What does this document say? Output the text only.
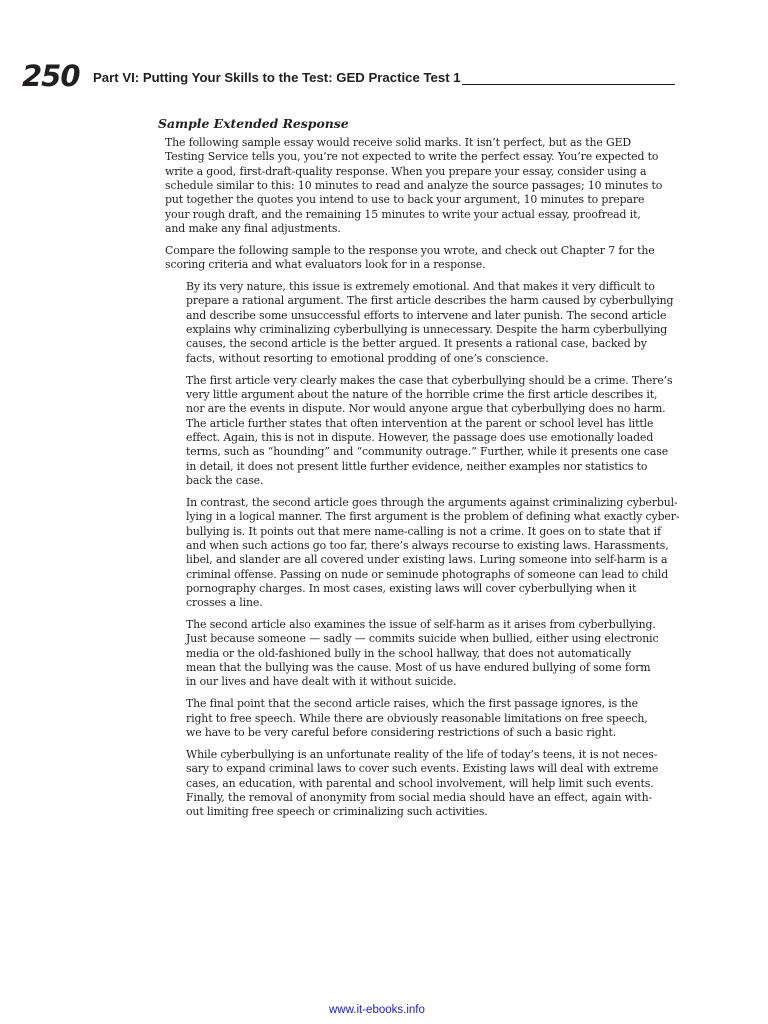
250 Part VI: Putting Your Skills to the Test: GED Practice Test 1
Sample Extended Response
The following sample essay would receive solid marks. It isn’t perfect, but as the GED
Testing Service tells you, you’re not expected to write the perfect essay. You’re expected to
write a good, first-draft-quality response. When you prepare your essay, consider using a
schedule similar to this: 10 minutes to read and analyze the source passages; 10 minutes to
put together the quotes you intend to use to back your argument, 10 minutes to prepare
your rough draft, and the remaining 15 minutes to write your actual essay, proofread it,
and make any final adjustments.
Compare the following sample to the response you wrote, and check out Chapter 7 for the
scoring criteria and what evaluators look for in a response.
By its very nature, this issue is extremely emotional. And that makes it very difficult to
prepare a rational argument. The first article describes the harm caused by cyberbullying
and describe some unsuccessful efforts to intervene and later punish. The second article
explains why criminalizing cyberbullying is unnecessary. Despite the harm cyberbullying
causes, the second article is the better argued. It presents a rational case, backed by
facts, without resorting to emotional prodding of one’s conscience.
The first article very clearly makes the case that cyberbullying should be a crime. There’s
very little argument about the nature of the horrible crime the first article describes it,
nor are the events in dispute. Nor would anyone argue that cyberbullying does no harm.
The article further states that often intervention at the parent or school level has little
effect. Again, this is not in dispute. However, the passage does use emotionally loaded
terms, such as “hounding” and “community outrage.” Further, while it presents one case
in detail, it does not present little further evidence, neither examples nor statistics to
back the case.
In contrast, the second article goes through the arguments against criminalizing cyberbul-
lying in a logical manner. The first argument is the problem of defining what exactly cyber-
bullying is. It points out that mere name-calling is not a crime. It goes on to state that if
and when such actions go too far, there’s always recourse to existing laws. Harassments,
libel, and slander are all covered under existing laws. Luring someone into self-harm is a
criminal offense. Passing on nude or seminude photographs of someone can lead to child
pornography charges. In most cases, existing laws will cover cyberbullying when it
crosses a line.
The second article also examines the issue of self-harm as it arises from cyberbullying.
Just because someone — sadly — commits suicide when bullied, either using electronic
media or the old-fashioned bully in the school hallway, that does not automatically
mean that the bullying was the cause. Most of us have endured bullying of some form
in our lives and have dealt with it without suicide.
The final point that the second article raises, which the first passage ignores, is the
right to free speech. While there are obviously reasonable limitations on free speech,
we have to be very careful before considering restrictions of such a basic right.
While cyberbullying is an unfortunate reality of the life of today’s teens, it is not neces-
sary to expand criminal laws to cover such events. Existing laws will deal with extreme
cases, an education, with parental and school involvement, will help limit such events.
Finally, the removal of anonymity from social media should have an effect, again with-
out limiting free speech or criminalizing such activities.
www.it-ebooks.info
